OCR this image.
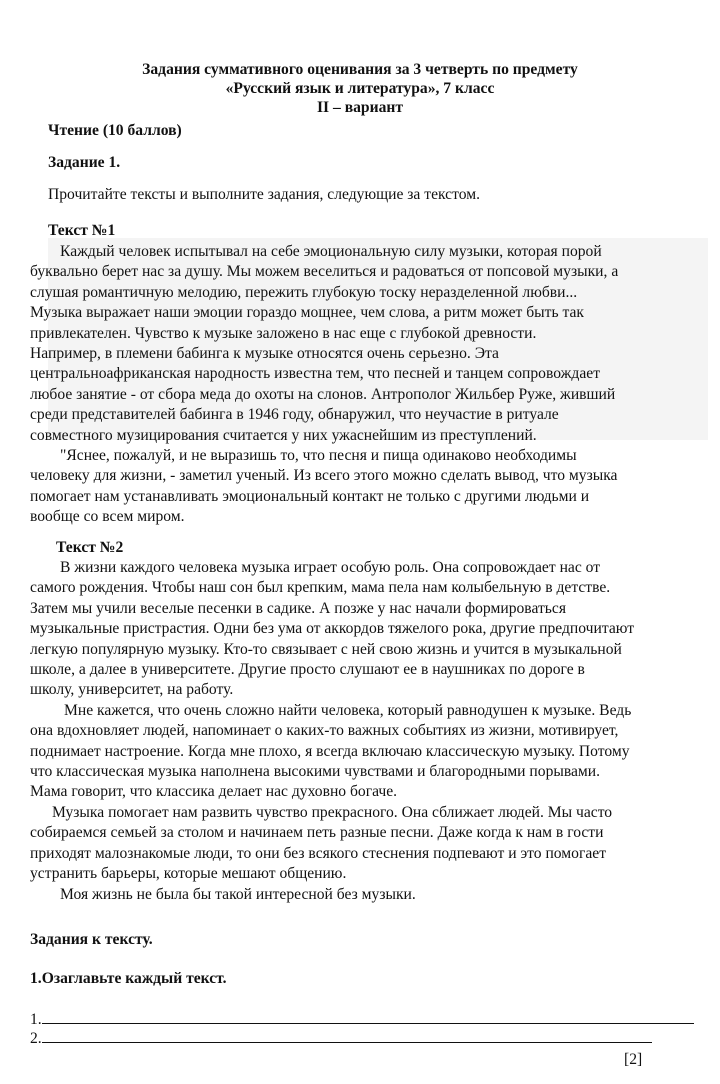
Задания суммативного оценивания за 3 четверть по предмету
«Русский язык и литература», 7 класс
II – вариант
Чтение (10 баллов)
Задание 1.
Прочитайте тексты и выполните задания, следующие за текстом.
Текст №1
Каждый человек испытывал на себе эмоциональную силу музыки, которая порой
буквально берет нас за душу. Мы можем веселиться и радоваться от попсовой музыки, а
слушая романтичную мелодию, пережить глубокую тоску неразделенной любви...
Музыка выражает наши эмоции гораздо мощнее, чем слова, а ритм может быть так
привлекателен. Чувство к музыке заложено в нас еще с глубокой древности.
Например, в племени бабинга к музыке относятся очень серьезно. Эта
центральноафриканская народность известна тем, что песней и танцем сопровождает
любое занятие - от сбора меда до охоты на слонов. Антрополог Жильбер Руже, живший
среди представителей бабинга в 1946 году, обнаружил, что неучастие в ритуале
совместного музицирования считается у них ужаснейшим из преступлений.
"Яснее, пожалуй, и не выразишь то, что песня и пища одинаково необходимы
человеку для жизни, - заметил ученый. Из всего этого можно сделать вывод, что музыка
помогает нам устанавливать эмоциональный контакт не только с другими людьми и
вообще со всем миром.
Текст №2
В жизни каждого человека музыка играет особую роль. Она сопровождает нас от
самого рождения. Чтобы наш сон был крепким, мама пела нам колыбельную в детстве.
Затем мы учили веселые песенки в садике. А позже у нас начали формироваться
музыкальные пристрастия. Одни без ума от аккордов тяжелого рока, другие предпочитают
легкую популярную музыку. Кто-то связывает с ней свою жизнь и учится в музыкальной
школе, а далее в университете. Другие просто слушают ее в наушниках по дороге в
школу, университет, на работу.
Мне кажется, что очень сложно найти человека, который равнодушен к музыке. Ведь
она вдохновляет людей, напоминает о каких-то важных событиях из жизни, мотивирует,
поднимает настроение. Когда мне плохо, я всегда включаю классическую музыку. Потому
что классическая музыка наполнена высокими чувствами и благородными порывами.
Мама говорит, что классика делает нас духовно богаче.
Музыка помогает нам развить чувство прекрасного. Она сближает людей. Мы часто
собираемся семьей за столом и начинаем петь разные песни. Даже когда к нам в гости
приходят малознакомые люди, то они без всякого стеснения подпевают и это помогает
устранить барьеры, которые мешают общению.
Моя жизнь не была бы такой интересной без музыки.
Задания к тексту.
1.Озаглавьте каждый текст.
1.
2.
[2]
